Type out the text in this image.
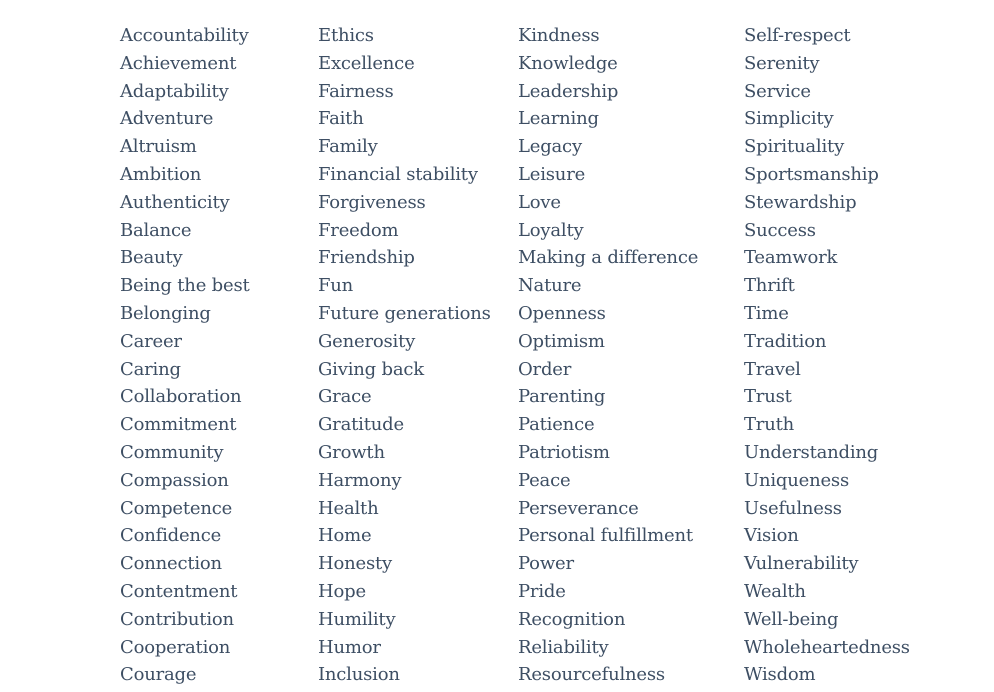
Accountability
Achievement
Adaptability
Adventure
Altruism
Ambition
Authenticity
Balance
Beauty
Being the best
Belonging
Career
Caring
Collaboration
Commitment
Community
Compassion
Competence
Confidence
Connection
Contentment
Contribution
Cooperation
Courage
Ethics
Excellence
Fairness
Faith
Family
Financial stability
Forgiveness
Freedom
Friendship
Fun
Future generations
Generosity
Giving back
Grace
Gratitude
Growth
Harmony
Health
Home
Honesty
Hope
Humility
Humor
Inclusion
Kindness
Knowledge
Leadership
Learning
Legacy
Leisure
Love
Loyalty
Making a difference
Nature
Openness
Optimism
Order
Parenting
Patience
Patriotism
Peace
Perseverance
Personal fulfillment
Power
Pride
Recognition
Reliability
Resourcefulness
Self-respect
Serenity
Service
Simplicity
Spirituality
Sportsmanship
Stewardship
Success
Teamwork
Thrift
Time
Tradition
Travel
Trust
Truth
Understanding
Uniqueness
Usefulness
Vision
Vulnerability
Wealth
Well-being
Wholeheartedness
Wisdom
